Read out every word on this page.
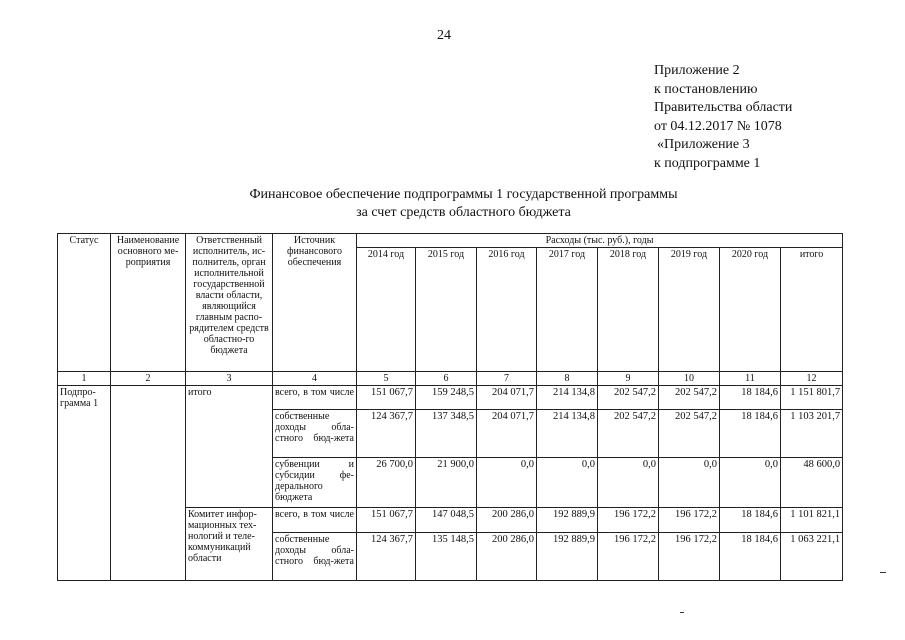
24
Приложение 2
к постановлению
Правительства области
от 04.12.2017 № 1078
«Приложение 3
к подпрограмме 1
Финансовое обеспечение подпрограммы 1 государственной программы
за счет средств областного бюджета
Статус	Наименование основного ме-роприятия	Ответственный исполнитель, ис-полнитель, орган исполнительной государственной власти области, являющийся главным распо-рядителем средств областно-го бюджета	Источник финансового обеспечения	Расходы (тыс. руб.), годы							
				2014 год	2015 год	2016 год	2017 год	2018 год	2019 год	2020 год	итого
1	2	3	4	5	6	7	8	9	10	11	12
Подпро-грамма 1		итого	всего, в том числе	151 067,7	159 248,5	204 071,7	214 134,8	202 547,2	202 547,2	18 184,6	1 151 801,7
			собственные доходы обла-стного бюд-жета	124 367,7	137 348,5	204 071,7	214 134,8	202 547,2	202 547,2	18 184,6	1 103 201,7
			субвенции и субсидии фе-дерального бюджета	26 700,0	21 900,0	0,0	0,0	0,0	0,0	0,0	48 600,0
		Комитет инфор-мационных тех-нологий и теле-коммуникаций области	всего, в том числе	151 067,7	147 048,5	200 286,0	192 889,9	196 172,2	196 172,2	18 184,6	1 101 821,1
			собственные доходы обла-стного бюд-жета	124 367,7	135 148,5	200 286,0	192 889,9	196 172,2	196 172,2	18 184,6	1 063 221,1
